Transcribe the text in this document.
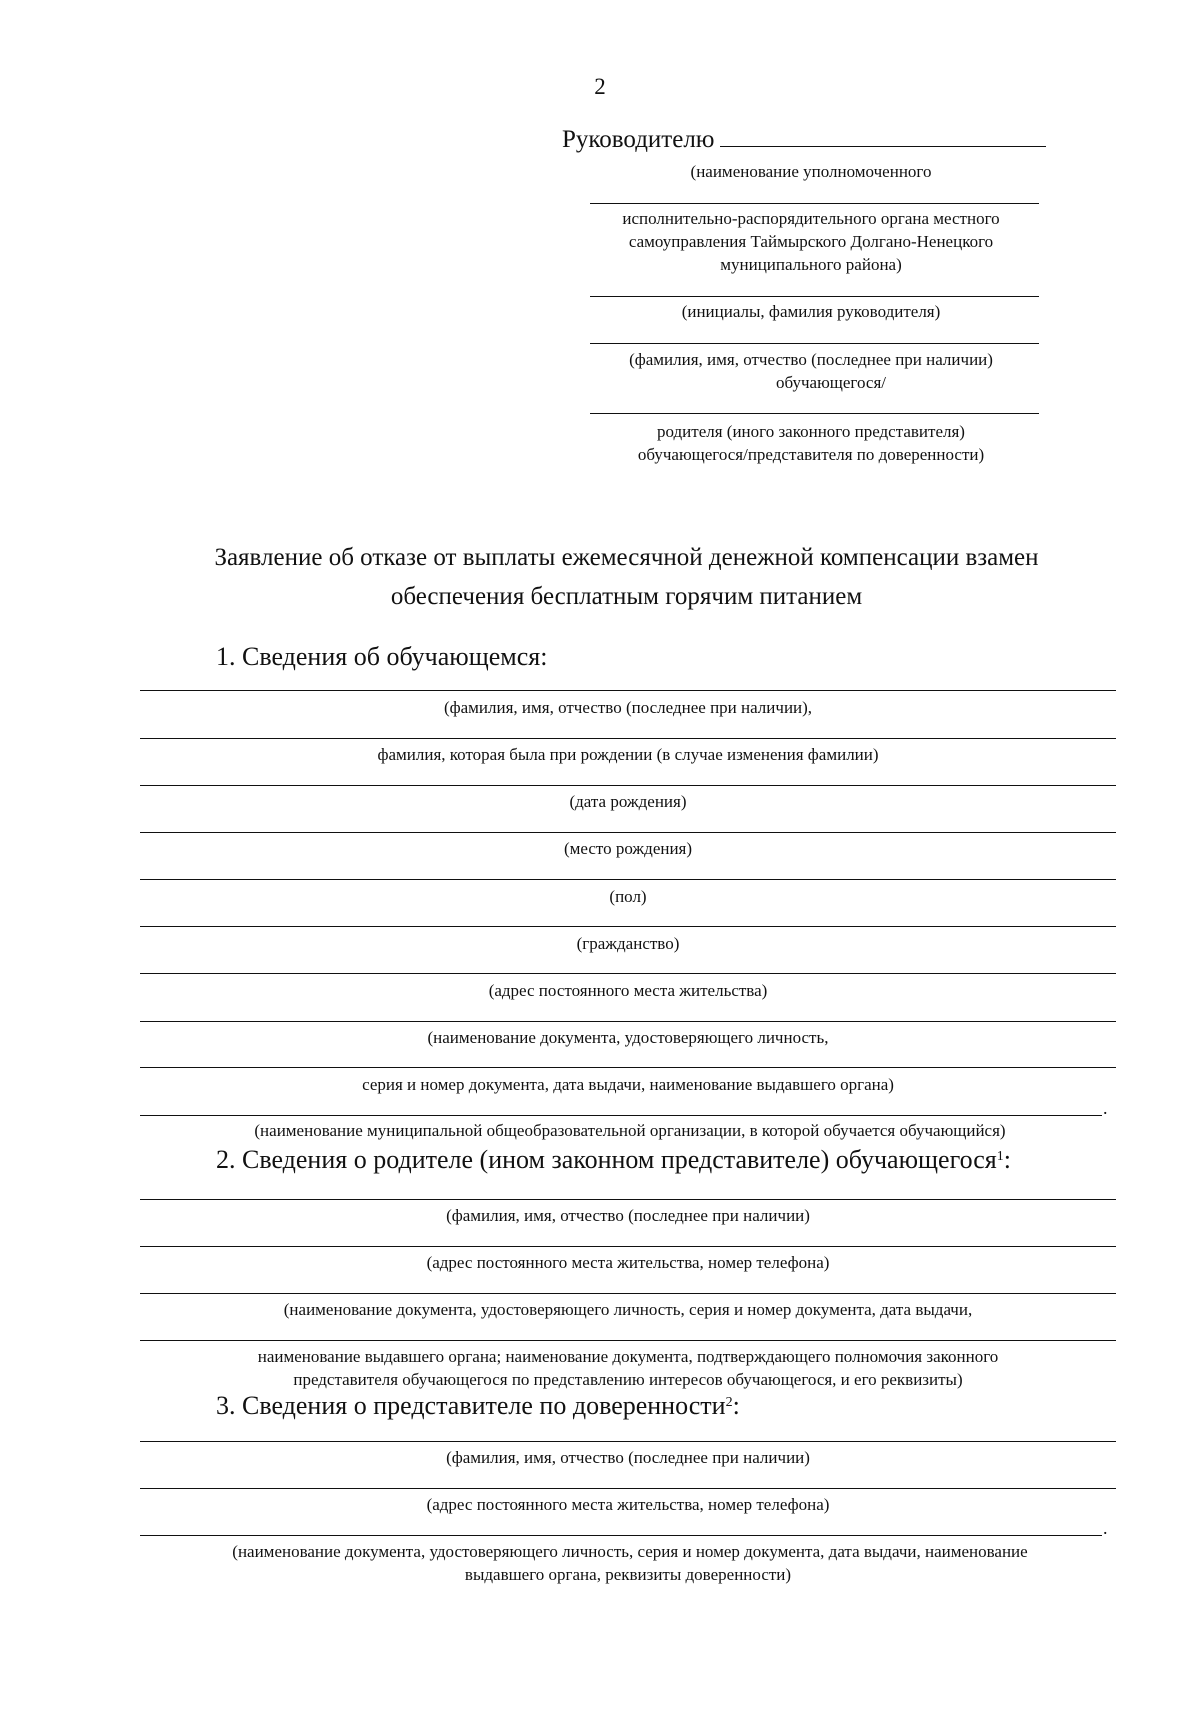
2
Руководителю
(наименование уполномоченного
исполнительно-распорядительного органа местного
самоуправления Таймырского Долгано-Ненецкого
муниципального района)
(инициалы, фамилия руководителя)
(фамилия, имя, отчество (последнее при наличии)
обучающегося/
родителя (иного законного представителя)
обучающегося/представителя по доверенности)
Заявление об отказе от выплаты ежемесячной денежной компенсации взамен
обеспечения бесплатным горячим питанием
1. Сведения об обучающемся:
(фамилия, имя, отчество (последнее при наличии),
фамилия, которая была при рождении (в случае изменения фамилии)
(дата рождения)
(место рождения)
(пол)
(гражданство)
(адрес постоянного места жительства)
(наименование документа, удостоверяющего личность,
серия и номер документа, дата выдачи, наименование выдавшего органа)
.
(наименование муниципальной общеобразовательной организации, в которой обучается обучающийся)
2. Сведения о родителе (ином законном представителе) обучающегося$^1$:
(фамилия, имя, отчество (последнее при наличии)
(адрес постоянного места жительства, номер телефона)
(наименование документа, удостоверяющего личность, серия и номер документа, дата выдачи,
наименование выдавшего органа; наименование документа, подтверждающего полномочия законного
представителя обучающегося по представлению интересов обучающегося, и его реквизиты)
3. Сведения о представителе по доверенности$^2$:
(фамилия, имя, отчество (последнее при наличии)
(адрес постоянного места жительства, номер телефона)
.
(наименование документа, удостоверяющего личность, серия и номер документа, дата выдачи, наименование
выдавшего органа, реквизиты доверенности)
